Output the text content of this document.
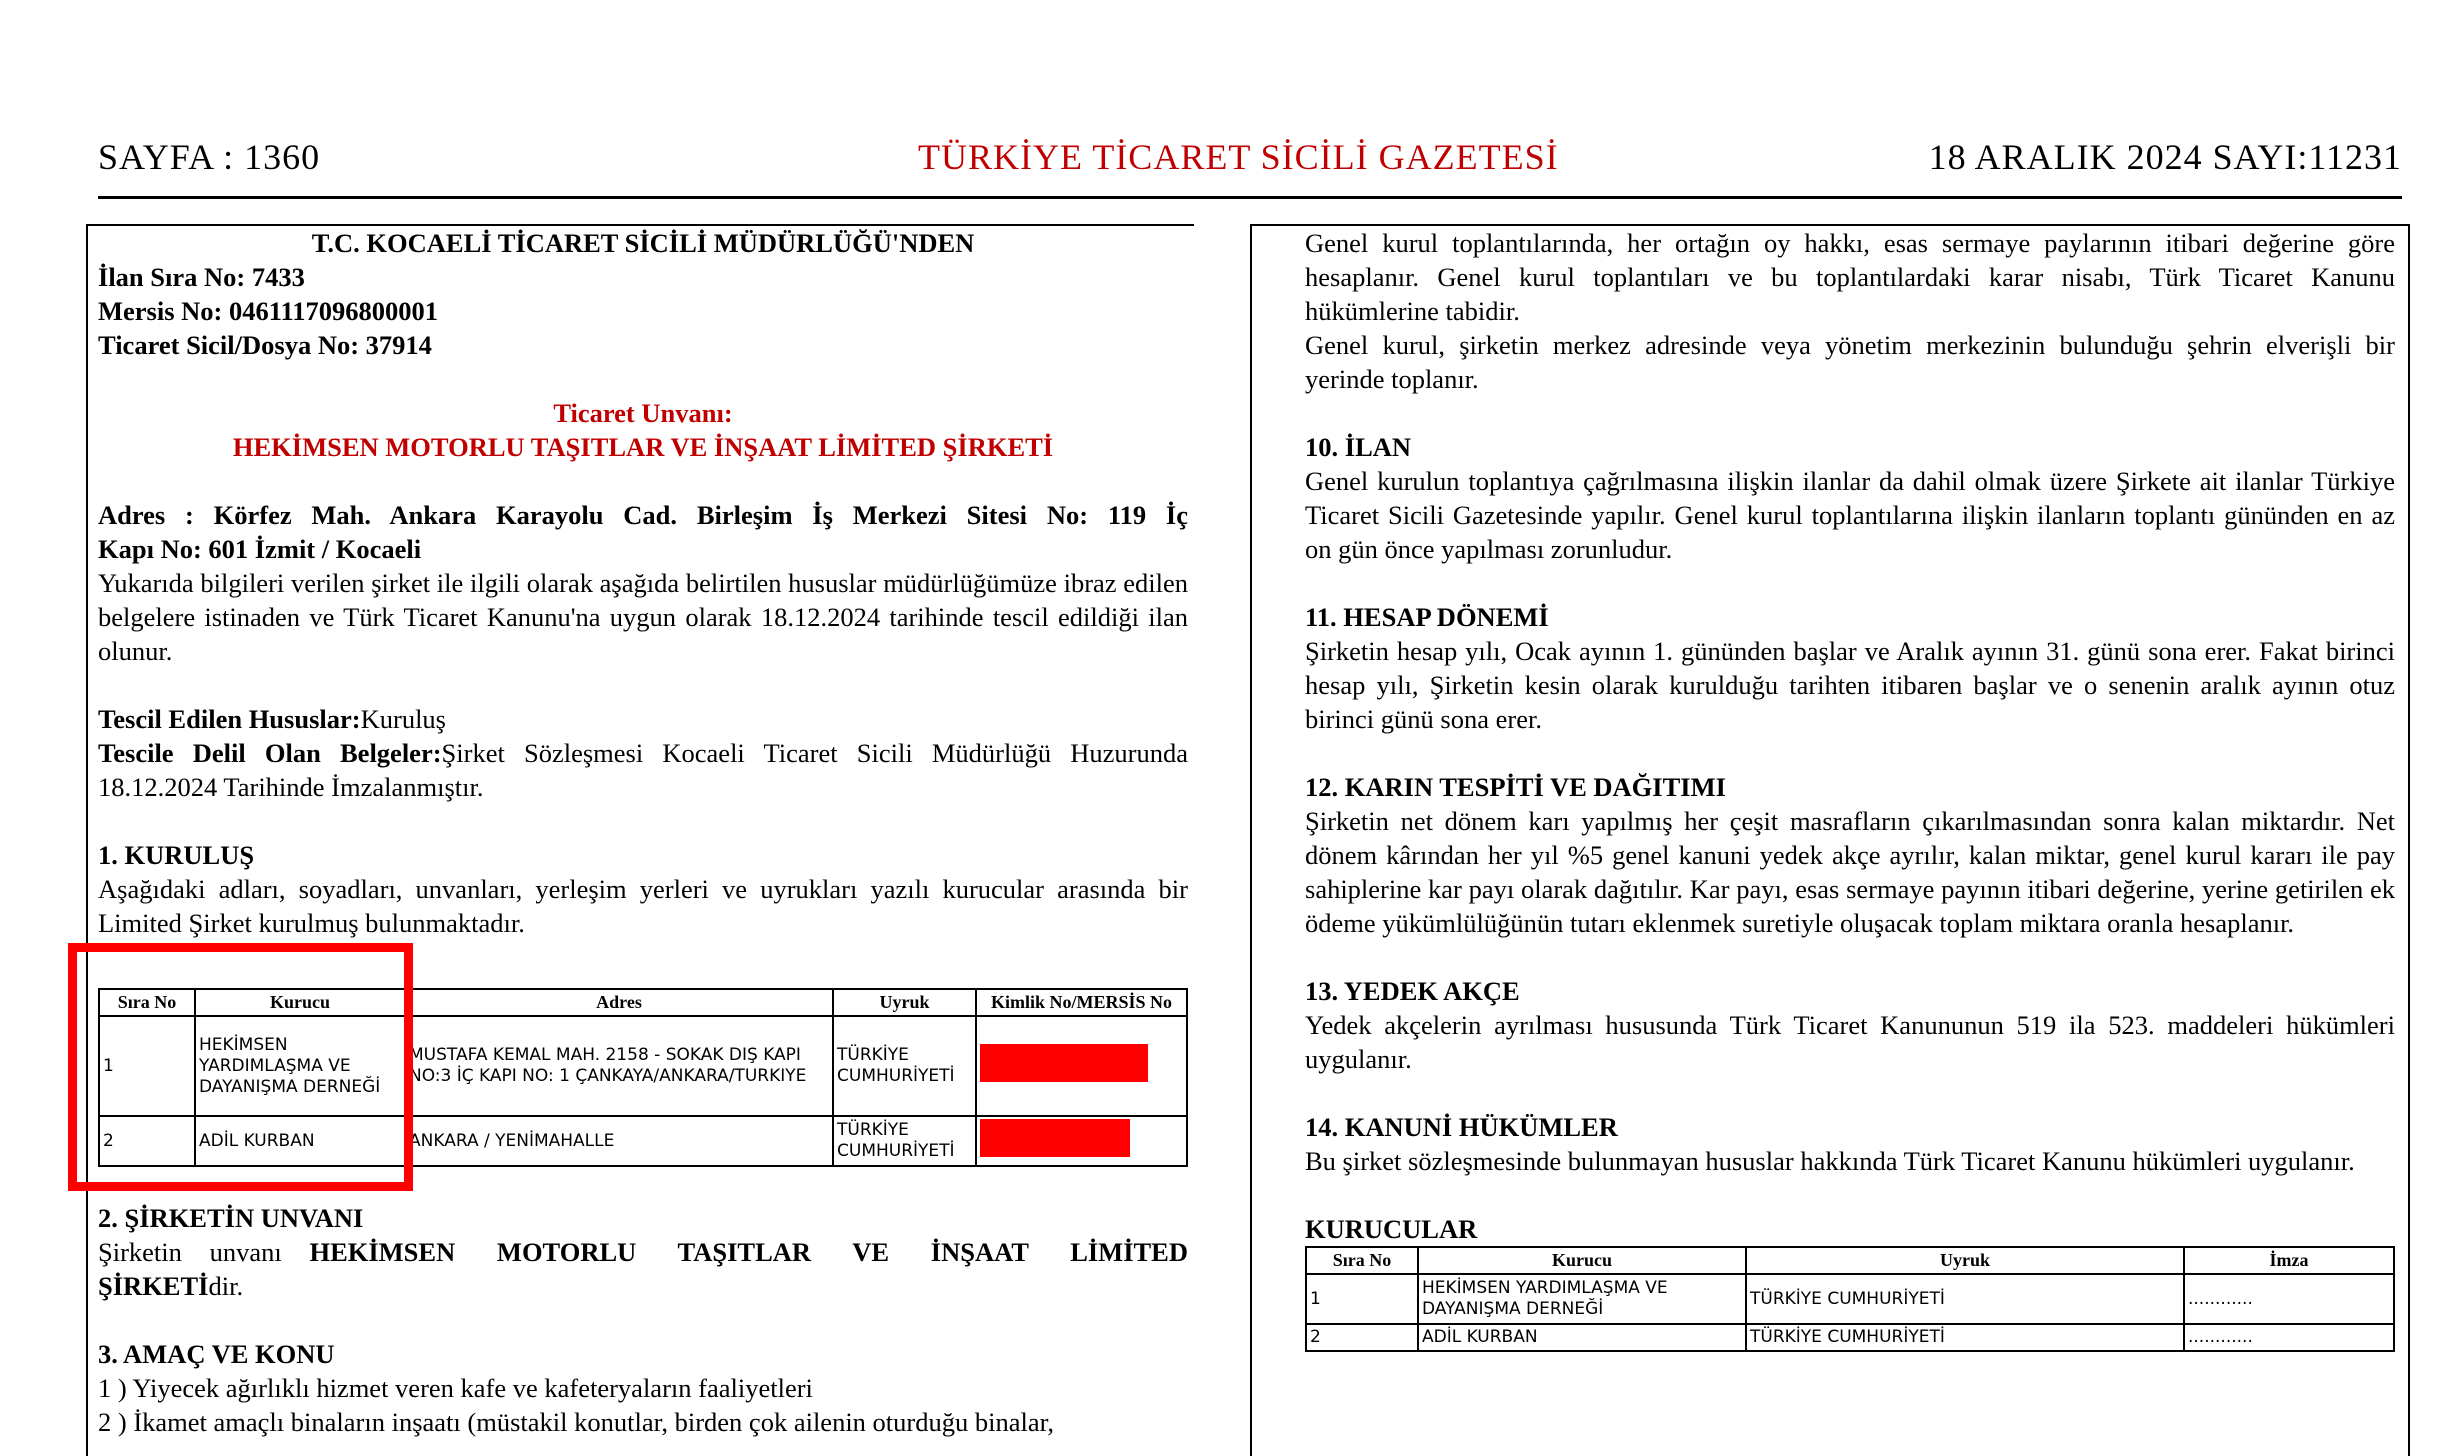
SAYFA : 1360	TÜRKİYE TİCARET SİCİLİ GAZETESİ	18 ARALIK 2024 SAYI:11231

T.C. KOCAELİ TİCARET SİCİLİ MÜDÜRLÜĞÜ'NDEN

İlan Sıra No: 7433

Mersis No: 0461117096800001

Ticaret Sicil/Dosya No: 37914

Ticaret Unvanı:

HEKİMSEN MOTORLU TAŞITLAR VE İNŞAAT LİMİTED ŞİRKETİ

Adres : Körfez Mah. Ankara Karayolu Cad. Birleşim İş Merkezi Sitesi No: 119 İç

Kapı No: 601 İzmit / Kocaeli

Yukarıda bilgileri verilen şirket ile ilgili olarak aşağıda belirtilen hususlar müdürlüğümüze ibraz edilen belgelere istinaden ve Türk Ticaret Kanunu'na uygun olarak 18.12.2024 tarihinde tescil edildiği ilan olunur.

Tescil Edilen Hususlar:Kuruluş

Tescile Delil Olan Belgeler:Şirket Sözleşmesi Kocaeli Ticaret Sicili Müdürlüğü Huzurunda 18.12.2024 Tarihinde İmzalanmıştır.

1. KURULUŞ

Aşağıdaki adları, soyadları, unvanları, yerleşim yerleri ve uyrukları yazılı kurucular arasında bir Limited Şirket kurulmuş bulunmaktadır.

Sıra No	Kurucu	Adres	Uyruk	Kimlik No/MERSİS No
1	HEKİMSEN YARDIMLAŞMA VE DAYANIŞMA DERNEĞİ	MUSTAFA KEMAL MAH. 2158 - SOKAK DIŞ KAPI NO:3 İÇ KAPI NO: 1 ÇANKAYA/ANKARA/TURKIYE	TÜRKİYE CUMHURİYETİ	
2	ADİL KURBAN	ANKARA / YENİMAHALLE	TÜRKİYE CUMHURİYETİ	

2. ŞİRKETİN UNVANI

Şirketin unvanı HEKİMSEN MOTORLU TAŞITLAR VE İNŞAAT LİMİTED ŞİRKETİdir.

3. AMAÇ VE KONU

1 ) Yiyecek ağırlıklı hizmet veren kafe ve kafeteryaların faaliyetleri

2 ) İkamet amaçlı binaların inşaatı (müstakil konutlar, birden çok ailenin oturduğu binalar,

Genel kurul toplantılarında, her ortağın oy hakkı, esas sermaye paylarının itibari değerine göre hesaplanır. Genel kurul toplantıları ve bu toplantılardaki karar nisabı, Türk Ticaret Kanunu hükümlerine tabidir.

Genel kurul, şirketin merkez adresinde veya yönetim merkezinin bulunduğu şehrin elverişli bir yerinde toplanır.

10. İLAN

Genel kurulun toplantıya çağrılmasına ilişkin ilanlar da dahil olmak üzere Şirkete ait ilanlar Türkiye Ticaret Sicili Gazetesinde yapılır. Genel kurul toplantılarına ilişkin ilanların toplantı gününden en az on gün önce yapılması zorunludur.

11. HESAP DÖNEMİ

Şirketin hesap yılı, Ocak ayının 1. gününden başlar ve Aralık ayının 31. günü sona erer. Fakat birinci hesap yılı, Şirketin kesin olarak kurulduğu tarihten itibaren başlar ve o senenin aralık ayının otuz birinci günü sona erer.

12. KARIN TESPİTİ VE DAĞITIMI

Şirketin net dönem karı yapılmış her çeşit masrafların çıkarılmasından sonra kalan miktardır. Net dönem kârından her yıl %5 genel kanuni yedek akçe ayrılır, kalan miktar, genel kurul kararı ile pay sahiplerine kar payı olarak dağıtılır. Kar payı, esas sermaye payının itibari değerine, yerine getirilen ek ödeme yükümlülüğünün tutarı eklenmek suretiyle oluşacak toplam miktara oranla hesaplanır.

13. YEDEK AKÇE

Yedek akçelerin ayrılması hususunda Türk Ticaret Kanununun 519 ila 523. maddeleri hükümleri uygulanır.

14. KANUNİ HÜKÜMLER

Bu şirket sözleşmesinde bulunmayan hususlar hakkında Türk Ticaret Kanunu hükümleri uygulanır.

KURUCULAR

Sıra No	Kurucu	Uyruk	İmza
1	HEKİMSEN YARDIMLAŞMA VE DAYANIŞMA DERNEĞİ	TÜRKİYE CUMHURİYETİ	............
2	ADİL KURBAN	TÜRKİYE CUMHURİYETİ	............
